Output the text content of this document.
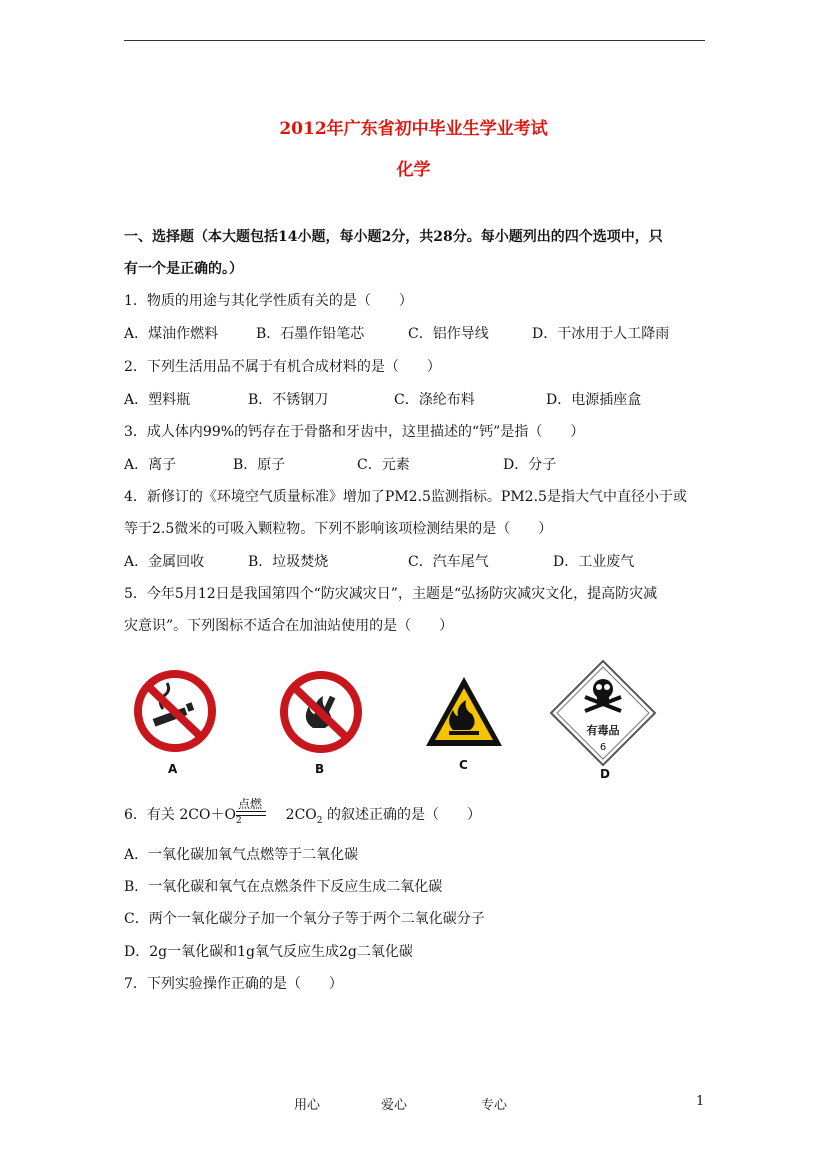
2012年广东省初中毕业生学业考试
化学
一、选择题（本大题包括14小题，每小题2分，共28分。每小题列出的四个选项中，只
有一个是正确的。）
1．物质的用途与其化学性质有关的是（　　）
A．煤油作燃料	B．石墨作铅笔芯	C．铝作导线	D．干冰用于人工降雨
2．下列生活用品不属于有机合成材料的是（　　）
A．塑料瓶	B．不锈钢刀	C．涤纶布料	D．电源插座盒
3．成人体内99%的钙存在于骨骼和牙齿中，这里描述的“钙”是指（　　）
A．离子	B．原子	C．元素	D．分子
4．新修订的《环境空气质量标准》增加了PM2.5监测指标。PM2.5是指大气中直径小于或
等于2.5微米的可吸入颗粒物。下列不影响该项检测结果的是（　　）
A．金属回收	B．垃圾焚烧	C．汽车尾气	D．工业废气
5．今年5月12日是我国第四个“防灾减灾日”，主题是“弘扬防灾减灾文化，提高防灾减
灾意识”。下列图标不适合在加油站使用的是（　　）
A	B	C
有毒品
6
D
6．有关 $2CO+O_2$	$2CO_2$ 的叙述正确的是（　　）
点燃
A．一氧化碳加氧气点燃等于二氧化碳
B．一氧化碳和氧气在点燃条件下反应生成二氧化碳
C．两个一氧化碳分子加一个氧分子等于两个二氧化碳分子
D．2g一氧化碳和1g氧气反应生成2g二氧化碳
7．下列实验操作正确的是（　　）
用心	爱心	专心	1
